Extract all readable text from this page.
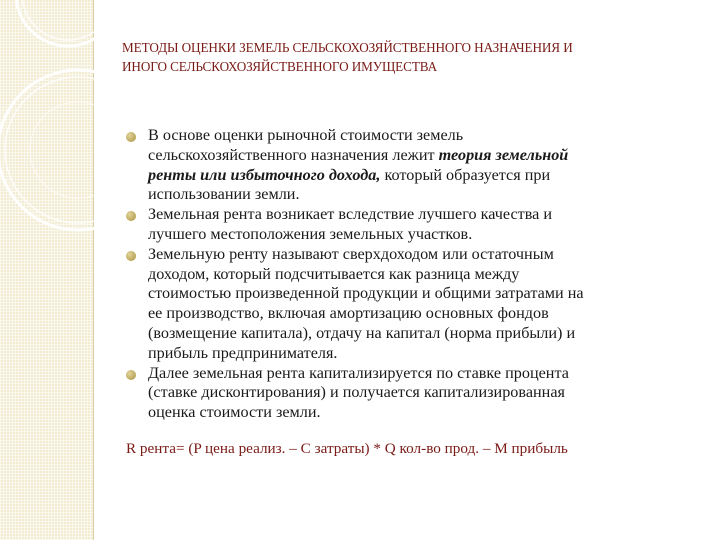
МЕТОДЫ ОЦЕНКИ ЗЕМЕЛЬ СЕЛЬСКОХОЗЯЙСТВЕННОГО НАЗНАЧЕНИЯ И
ИНОГО СЕЛЬСКОХОЗЯЙСТВЕННОГО ИМУЩЕСТВА
В основе оценки рыночной стоимости земель
сельскохозяйственного назначения лежит теория земельной
ренты или избыточного дохода, который образуется при
использовании земли.
Земельная рента возникает вследствие лучшего качества и
лучшего местоположения земельных участков.
Земельную ренту называют сверхдоходом или остаточным
доходом, который подсчитывается как разница между
стоимостью произведенной продукции и общими затратами на
ее производство, включая амортизацию основных фондов
(возмещение капитала), отдачу на капитал (норма прибыли) и
прибыль предпринимателя.
Далее земельная рента капитализируется по ставке процента
(ставке дисконтирования) и получается капитализированная
оценка стоимости земли.
R рента= (P цена реализ. – C затраты) * Q кол-во прод. – M прибыль
